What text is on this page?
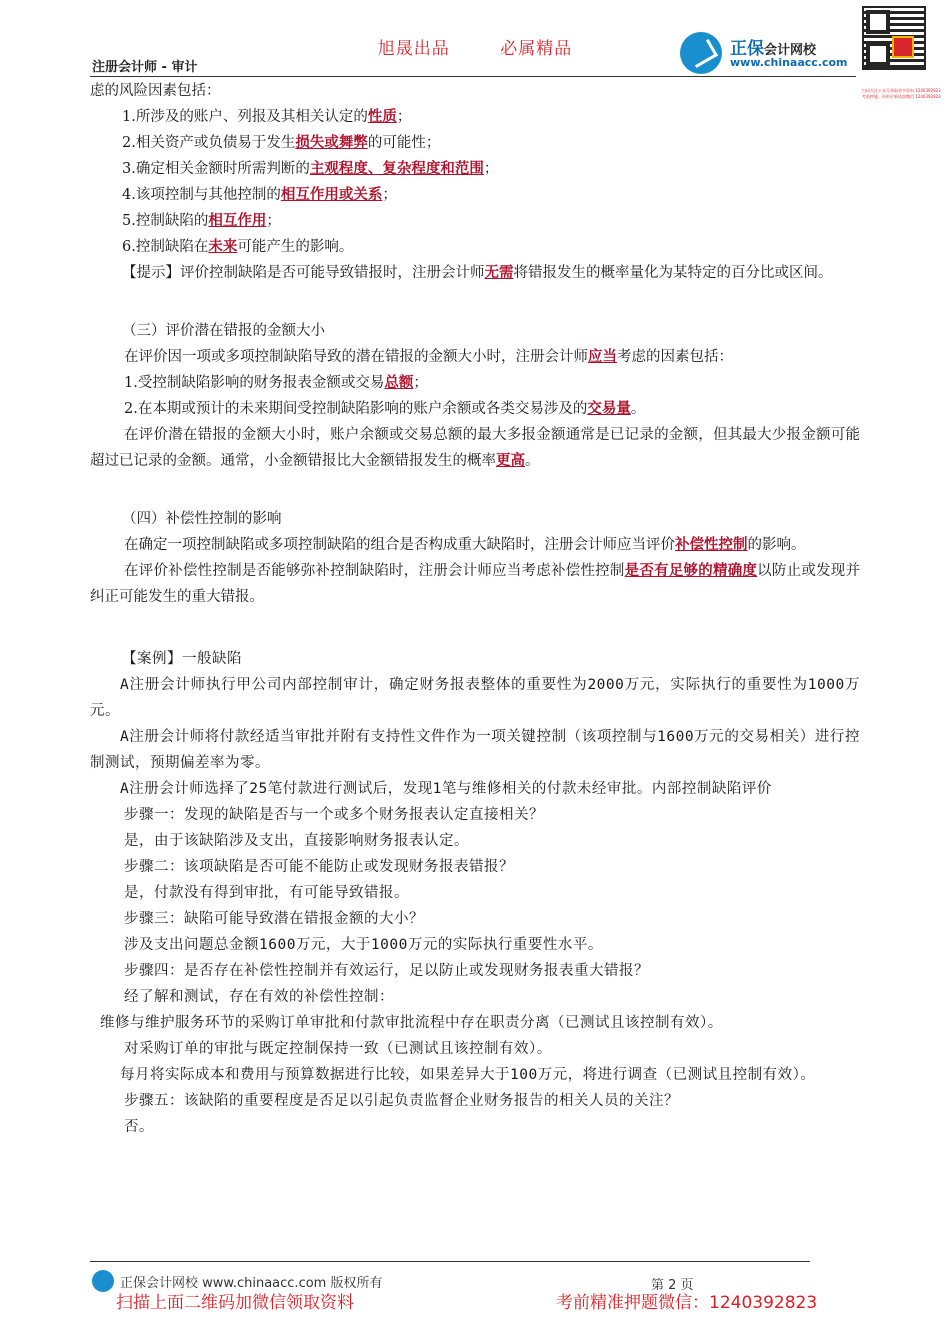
旭晟出品	必属精品
注册会计师 - 审计
正保会计网校
www.chinaacc.com
扫码关注公众号获取更多资料 1240392823 考前押题，资料更新请加微信 1240392823
虑的风险因素包括：
1.所涉及的账户、列报及其相关认定的性质；
2.相关资产或负债易于发生损失或舞弊的可能性；
3.确定相关金额时所需判断的主观程度、复杂程度和范围；
4.该项控制与其他控制的相互作用或关系；
5.控制缺陷的相互作用；
6.控制缺陷在未来可能产生的影响。
【提示】评价控制缺陷是否可能导致错报时，注册会计师无需将错报发生的概率量化为某特定的百分比或区间。
（三）评价潜在错报的金额大小
在评价因一项或多项控制缺陷导致的潜在错报的金额大小时，注册会计师应当考虑的因素包括：
1.受控制缺陷影响的财务报表金额或交易总额；
2.在本期或预计的未来期间受控制缺陷影响的账户余额或各类交易涉及的交易量。
在评价潜在错报的金额大小时，账户余额或交易总额的最大多报金额通常是已记录的金额，但其最大少报金额可能超过已记录的金额。通常，小金额错报比大金额错报发生的概率更高。
（四）补偿性控制的影响
在确定一项控制缺陷或多项控制缺陷的组合是否构成重大缺陷时，注册会计师应当评价补偿性控制的影响。
在评价补偿性控制是否能够弥补控制缺陷时，注册会计师应当考虑补偿性控制是否有足够的精确度以防止或发现并纠正可能发生的重大错报。
【案例】一般缺陷
A注册会计师执行甲公司内部控制审计，确定财务报表整体的重要性为2000万元，实际执行的重要性为1000万元。
A注册会计师将付款经适当审批并附有支持性文件作为一项关键控制（该项控制与1600万元的交易相关）进行控制测试，预期偏差率为零。
A注册会计师选择了25笔付款进行测试后，发现1笔与维修相关的付款未经审批。内部控制缺陷评价
步骤一：发现的缺陷是否与一个或多个财务报表认定直接相关？
是，由于该缺陷涉及支出，直接影响财务报表认定。
步骤二：该项缺陷是否可能不能防止或发现财务报表错报？
是，付款没有得到审批，有可能导致错报。
步骤三：缺陷可能导致潜在错报金额的大小？
涉及支出问题总金额1600万元，大于1000万元的实际执行重要性水平。
步骤四：是否存在补偿性控制并有效运行，足以防止或发现财务报表重大错报？
经了解和测试，存在有效的补偿性控制：
维修与维护服务环节的采购订单审批和付款审批流程中存在职责分离（已测试且该控制有效）。
对采购订单的审批与既定控制保持一致（已测试且该控制有效）。
每月将实际成本和费用与预算数据进行比较，如果差异大于100万元，将进行调查（已测试且控制有效）。
步骤五：该缺陷的重要程度是否足以引起负责监督企业财务报告的相关人员的关注？
否。
正保会计网校 www.chinaacc.com 版权所有	第 2 页
扫描上面二维码加微信领取资料	考前精准押题微信：1240392823
